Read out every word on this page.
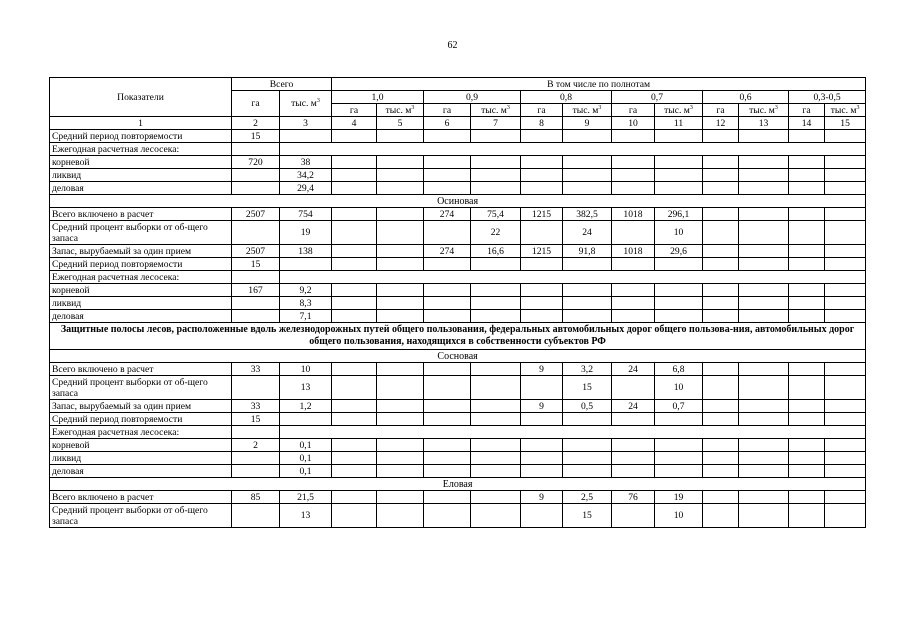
62
Показатели	Всего		В том числе по полнотам											
	га	тыс. $м^3$	1,0		0,9		0,8		0,7		0,6		0,3-0,5	
			га	тыс. $м^3$	га	тыс. $м^3$	га	тыс. $м^3$	га	тыс. $м^3$	га	тыс. $м^3$	га	тыс. $м^3$
1	2	3	4	5	6	7	8	9	10	11	12	13	14	15
Средний период повторяемости	15													
Ежегодная расчетная лесосека:														
корневой	720	38												
ликвид		34,2												
деловая		29,4												
Осиновая														
Всего включено в расчет	2507	754			274	75,4	1215	382,5	1018	296,1				
Средний процент выборки от об-щего запаса		19				22		24		10				
Запас, вырубаемый за один прием	2507	138			274	16,6	1215	91,8	1018	29,6				
Средний период повторяемости	15													
Ежегодная расчетная лесосека:														
корневой	167	9,2												
ликвид		8,3												
деловая		7,1												
Защитные полосы лесов, расположенные вдоль железнодорожных путей общего пользования, федеральных автомобильных дорог общего пользова-ния, автомобильных дорог общего пользования, находящихся в собственности субъектов РФ														
Сосновая														
Всего включено в расчет	33	10					9	3,2	24	6,8				
Средний процент выборки от об-щего запаса		13						15		10				
Запас, вырубаемый за один прием	33	1,2					9	0,5	24	0,7				
Средний период повторяемости	15													
Ежегодная расчетная лесосека:														
корневой	2	0,1												
ликвид		0,1												
деловая		0,1												
Еловая														
Всего включено в расчет	85	21,5					9	2,5	76	19				
Средний процент выборки от об-щего запаса		13						15		10				
